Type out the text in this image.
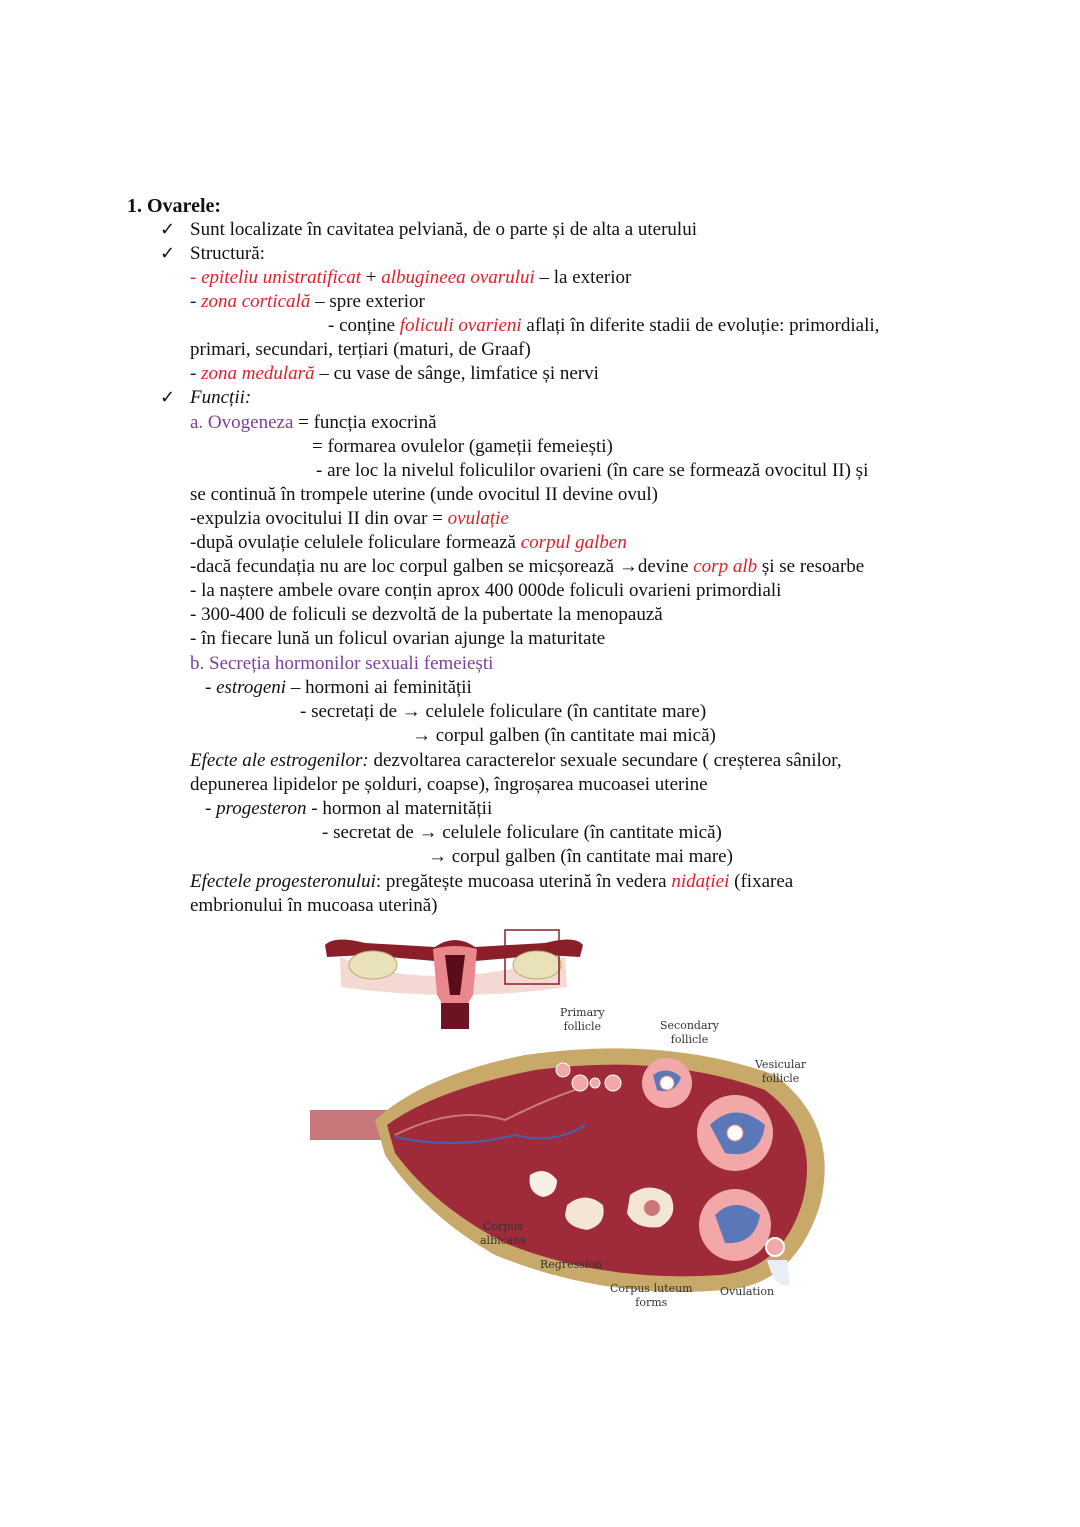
1. Ovarele:
✓ Sunt localizate în cavitatea pelviană, de o parte și de alta a uterului
✓ Structură:
- epiteliu unistratificat + albugineea ovarului – la exterior
- zona corticală – spre exterior
- conține foliculi ovarieni aflați în diferite stadii de evoluție: primordiali,
primari, secundari, terțiari (maturi, de Graaf)
- zona medulară – cu vase de sânge, limfatice și nervi
✓ Funcții:
a. Ovogeneza = funcția exocrină
= formarea ovulelor (gameții femeiești)
- are loc la nivelul foliculilor ovarieni (în care se formează ovocitul II) și
se continuă în trompele uterine (unde ovocitul II devine ovul)
-expulzia ovocitului II din ovar = ovulație
-după ovulație celulele foliculare formează corpul galben
-dacă fecundația nu are loc corpul galben se micșorează →devine corp alb și se resoarbe
- la naștere ambele ovare conțin aprox 400 000de foliculi ovarieni primordiali
- 300-400 de foliculi se dezvoltă de la pubertate la menopauză
- în fiecare lună un folicul ovarian ajunge la maturitate
b. Secreția hormonilor sexuali femeiești
- estrogeni – hormoni ai feminității
- secretați de → celulele foliculare (în cantitate mare)
→ corpul galben (în cantitate mai mică)
Efecte ale estrogenilor: dezvoltarea caracterelor sexuale secundare ( creșterea sânilor,
depunerea lipidelor pe șolduri, coapse), îngroșarea mucoasei uterine
- progesteron - hormon al maternității
- secretat de → celulele foliculare (în cantitate mică)
→ corpul galben (în cantitate mai mare)
Efectele progesteronului: pregătește mucoasa uterină în vedera nidației (fixarea
embrionului în mucoasa uterină)
Primary
follicle	Secondary
follicle
Vesicular
follicle
Corpus
albicans
Regression
Corpus luteum
forms
Ovulation
